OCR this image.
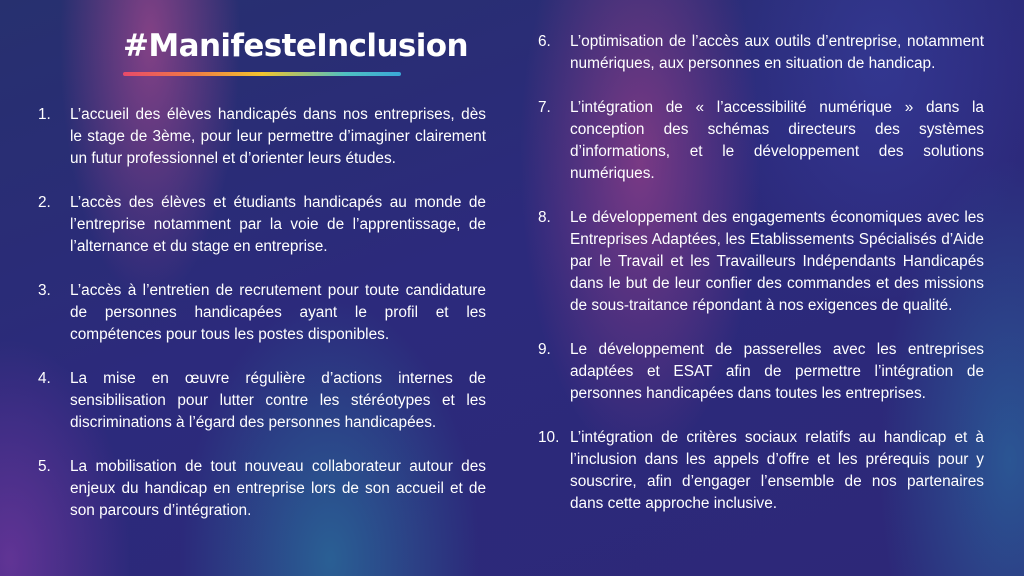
#ManifesteInclusion
1.	L’accueil des élèves handicapés dans nos entreprises, dès le stage de 3ème, pour leur permettre d’imaginer clairement un futur professionnel et d’orienter leurs études.
2.	L’accès des élèves et étudiants handicapés au monde de l’entreprise notamment par la voie de l’apprentissage, de l’alternance et du stage en entreprise.
3.	L’accès à l’entretien de recrutement pour toute candidature de personnes handicapées ayant le profil et les compétences pour tous les postes disponibles.
4.	La mise en œuvre régulière d’actions internes de sensibilisation pour lutter contre les stéréotypes et les discriminations à l’égard des personnes handicapées.
5.	La mobilisation de tout nouveau collaborateur autour des enjeux du handicap en entreprise lors de son accueil et de son parcours d’intégration.
6.	L’optimisation de l’accès aux outils d’entreprise, notamment numériques, aux personnes en situation de handicap.
7.	L’intégration de « l’accessibilité numérique » dans la conception des schémas directeurs des systèmes d’informations, et le développement des solutions numériques.
8.	Le développement des engagements économiques avec les Entreprises Adaptées, les Etablissements Spécialisés d’Aide par le Travail et les Travailleurs Indépendants Handicapés dans le but de leur confier des commandes et des missions de sous-traitance répondant à nos exigences de qualité.
9.	Le développement de passerelles avec les entreprises adaptées et ESAT afin de permettre l’intégration de personnes handicapées dans toutes les entreprises.
10. L’intégration de critères sociaux relatifs au handicap et à l’inclusion dans les appels d’offre et les prérequis pour y souscrire, afin d’engager l’ensemble de nos partenaires dans cette approche inclusive.
